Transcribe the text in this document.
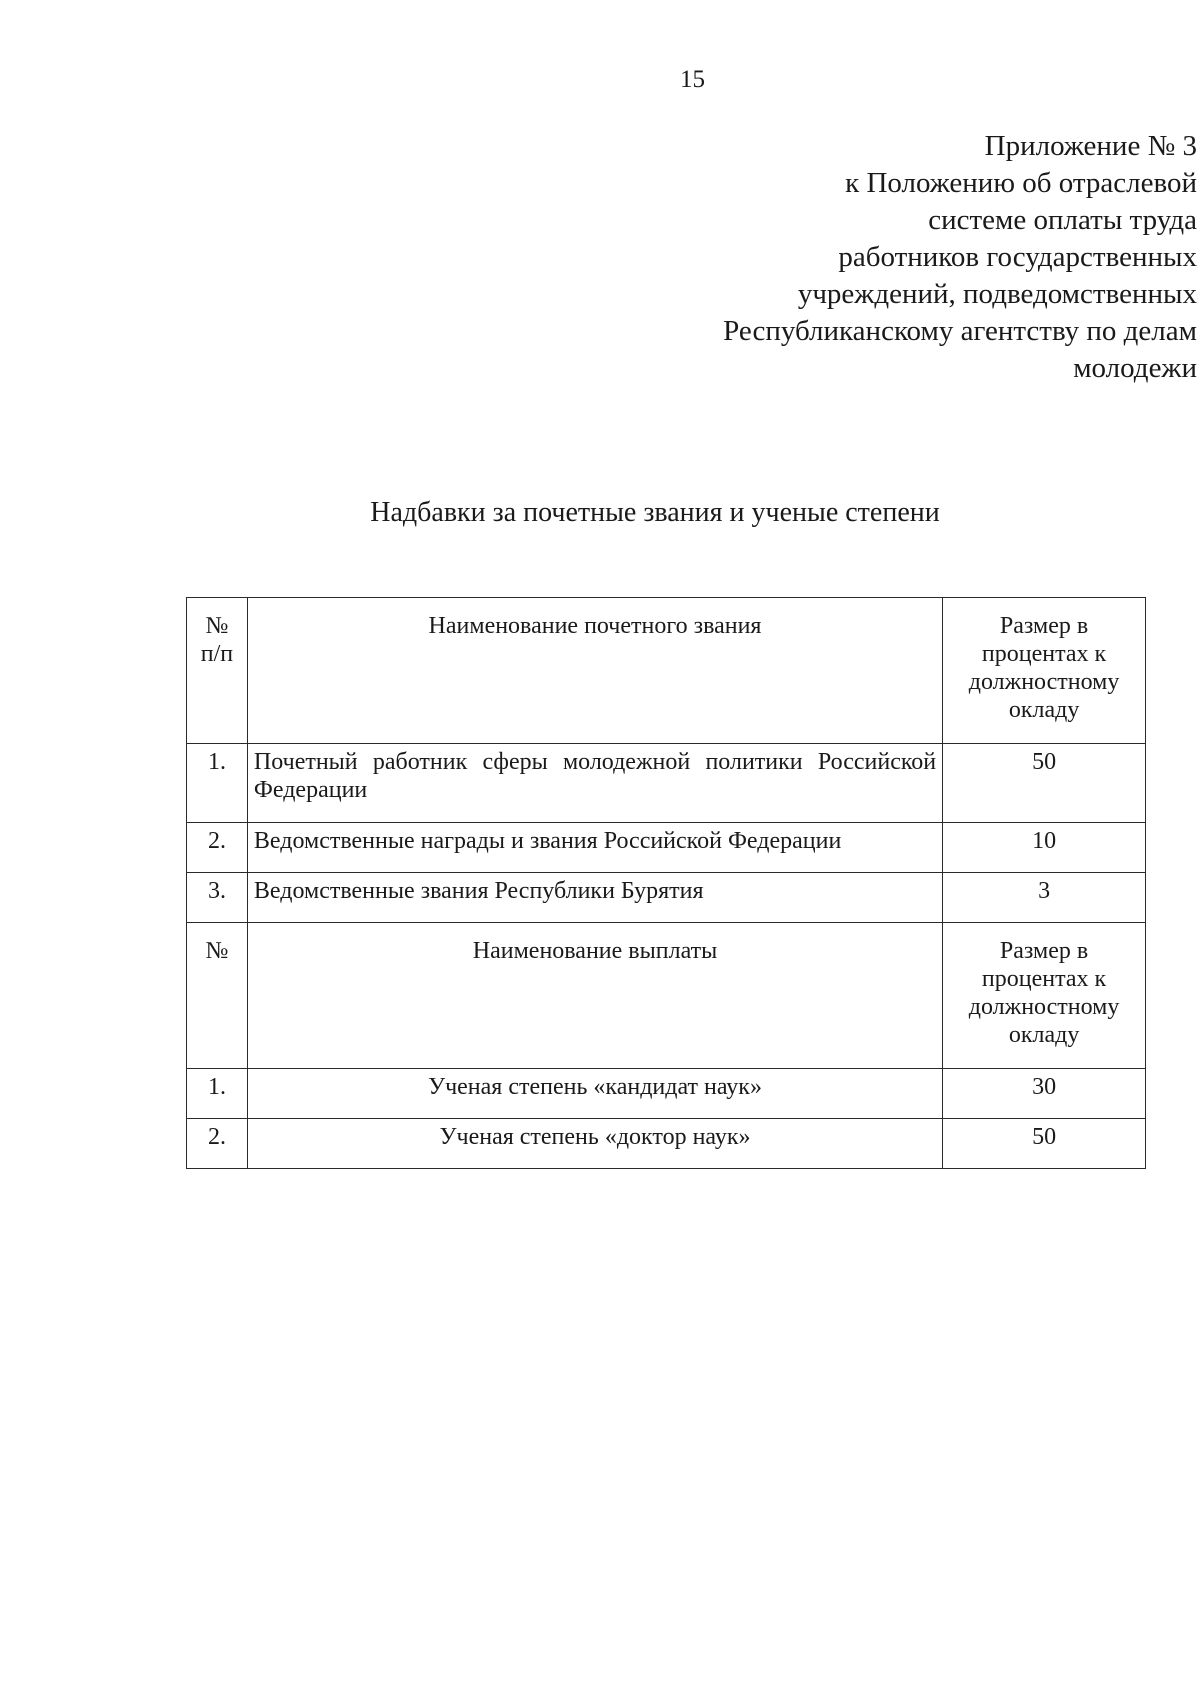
15
Приложение № 3
к Положению об отраслевой
системе оплаты труда
работников государственных
учреждений, подведомственных
Республиканскому агентству по делам
молодежи
Надбавки за почетные звания и ученые степени
№ п/п	Наименование почетного звания	Размер в процентах к должностному окладу
1.	Почетный работник сферы молодежной политики Российской Федерации	50
2.	Ведомственные награды и звания Российской Федерации	10
3.	Ведомственные звания Республики Бурятия	3
№	Наименование выплаты	Размер в процентах к должностному окладу
1.	Ученая степень «кандидат наук»	30
2.	Ученая степень «доктор наук»	50
